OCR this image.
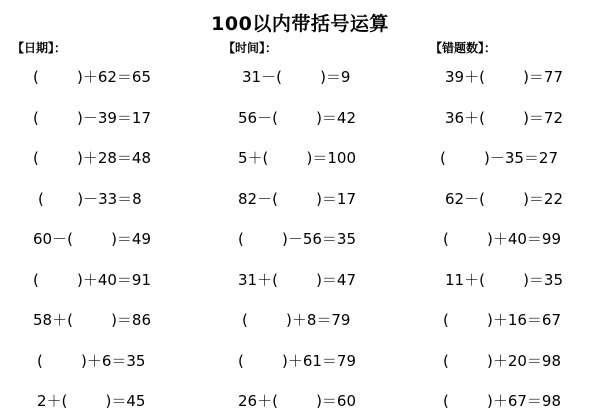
100以内带括号运算
【日期】：	【时间】：	【错题数】：
(        )＋62＝65
(        )－39＝17
(        )＋28＝48
(       )－33＝8
60－(        )＝49
(        )＋40＝91
58＋(        )＝86
(        )＋6＝35
2＋(        )＝45
31－(        )＝9
56－(        )＝42
5＋(        )＝100
82－(        )＝17
(        )－56＝35
31＋(        )＝47
(        )＋8＝79
(        )＋61＝79
26＋(        )＝60
39＋(        )＝77
36＋(        )＝72
(        )－35＝27
62－(        )＝22
(        )＋40＝99
11＋(        )＝35
(        )＋16＝67
(        )＋20＝98
(        )＋67＝98
